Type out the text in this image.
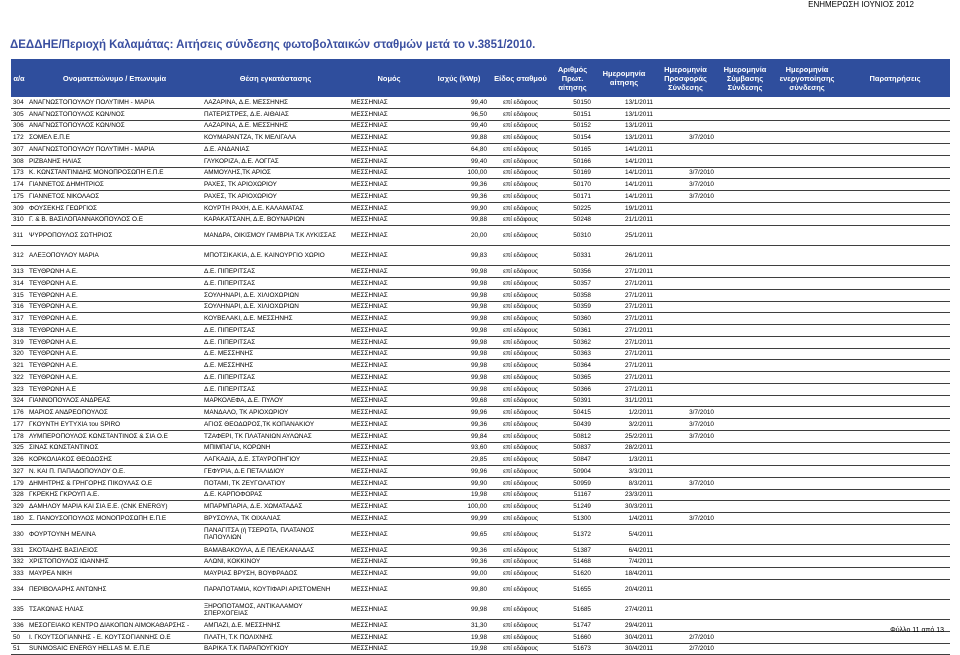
ΕΝΗΜΕΡΩΣΗ ΙΟΥΝΙΟΣ 2012
ΔΕΔΔΗΕ/Περιοχή Καλαμάτας: Αιτήσεις σύνδεσης φωτοβολταικών σταθμών μετά το ν.3851/2010.
α/α	Ονοματεπώνυμο / Επωνυμία	Θέση εγκατάστασης	Νομός	Ισχύς (kWp)	Είδος σταθμού	Αριθμός Πρωτ. αίτησης	Ημερομηνία αίτησης	Ημερομηνία Προσφοράς Σύνδεσης	Ημερομηνία Σύμβασης Σύνδεσης	Ημερομηνία ενεργοποίησης σύνδεσης	Παρατηρήσεις
304	ΑΝΑΓΝΩΣΤΟΠΟΥΛΟΥ ΠΟΛΥΤΙΜΗ - ΜΑΡΙΑ	ΛΑΖΑΡΙΝΑ, Δ.Ε. ΜΕΣΣΗΝΗΣ	ΜΕΣΣΗΝΙΑΣ	99,40	επί εδάφους	50150	13/1/2011				
305	ΑΝΑΓΝΩΣΤΟΠΟΥΛΟΣ ΚΩΝ/ΝΟΣ	ΠΑΤΕΡΙΣΤΡΕΣ, Δ.Ε. ΑΙΘΑΙΑΣ	ΜΕΣΣΗΝΙΑΣ	96,50	επί εδάφους	50151	13/1/2011				
306	ΑΝΑΓΝΩΣΤΟΠΟΥΛΟΣ ΚΩΝ/ΝΟΣ	ΛΑΖΑΡΙΝΑ, Δ.Ε. ΜΕΣΣΗΝΗΣ	ΜΕΣΣΗΝΙΑΣ	99,40	επί εδάφους	50152	13/1/2011				
172	ΣΟΜΕΛ Ε.Π.Ε	ΚΟΥΜΑΡΑΝΤΖΑ, ΤΚ ΜΕΛΙΓΑΛΑ	ΜΕΣΣΗΝΙΑΣ	99,88	επί εδάφους	50154	13/1/2011	3/7/2010			
307	ΑΝΑΓΝΩΣΤΟΠΟΥΛΟΥ ΠΟΛΥΤΙΜΗ - ΜΑΡΙΑ	Δ.Ε. ΑΝΔΑΝΙΑΣ	ΜΕΣΣΗΝΙΑΣ	64,80	επί εδάφους	50165	14/1/2011				
308	ΡΙΖΒΑΝΗΣ ΗΛΙΑΣ	ΓΛΥΚΟΡΙΖΑ, Δ.Ε. ΛΟΓΓΑΣ	ΜΕΣΣΗΝΙΑΣ	99,40	επί εδάφους	50166	14/1/2011				
173	Κ. ΚΩΝΣΤΑΝΤΙΝΙΔΗΣ ΜΟΝΟΠΡΟΣΩΠΗ Ε.Π.Ε	ΑΜΜΟΥΛΗΣ,ΤΚ ΑΡΙΟΣ	ΜΕΣΣΗΝΙΑΣ	100,00	επί εδάφους	50169	14/1/2011	3/7/2010			
174	ΓΙΑΝΝΕΤΟΣ ΔΗΜΗΤΡΙΟΣ	ΡΑΧΕΣ, ΤΚ ΑΡΙΟΧΩΡΙΟΥ	ΜΕΣΣΗΝΙΑΣ	99,36	επί εδάφους	50170	14/1/2011	3/7/2010			
175	ΓΙΑΝΝΕΤΟΣ ΝΙΚΟΛΑΟΣ	ΡΑΧΕΣ, ΤΚ ΑΡΙΟΧΩΡΙΟΥ	ΜΕΣΣΗΝΙΑΣ	99,36	επί εδάφους	50171	14/1/2011	3/7/2010			
309	ΦΟΥΣΕΚΗΣ ΓΕΩΡΓΙΟΣ	ΚΟΥΡΤΗ ΡΑΧΗ, Δ.Ε. ΚΑΛΑΜΑΤΑΣ	ΜΕΣΣΗΝΙΑΣ	99,90	επί εδάφους	50225	19/1/2011				
310	Γ. & Β. ΒΑΣΙΛΟΠΑΝΝΑΚΟΠΟΥΛΟΣ Ο.Ε	ΚΑΡΑΚΑΤΣΑΝΗ, Δ.Ε. ΒΟΥΝΑΡΙΩΝ	ΜΕΣΣΗΝΙΑΣ	99,88	επί εδάφους	50248	21/1/2011				
311	ΨΥΡΡΟΠΟΥΛΟΣ ΣΩΤΗΡΙΟΣ	ΜΑΝΔΡΑ, ΟΙΚΙΣΜΟΥ ΓΑΜΒΡΙΑ Τ.Κ ΛΥΚΙΣΣΑΣ	ΜΕΣΣΗΝΙΑΣ	20,00	επί εδάφους	50310	25/1/2011				
312	ΑΛΕΞΟΠΟΥΛΟΥ ΜΑΡΙΑ	ΜΠΟΤΣΙΚΑΚΙΑ, Δ.Ε. ΚΑΙΝΟΥΡΓΙΟ ΧΩΡΙΟ	ΜΕΣΣΗΝΙΑΣ	99,83	επί εδάφους	50331	26/1/2011				
313	ΤΕΥΘΡΩΝΗ Α.Ε.	Δ.Ε. ΠΙΠΕΡΙΤΣΑΣ	ΜΕΣΣΗΝΙΑΣ	99,98	επί εδάφους	50356	27/1/2011				
314	ΤΕΥΘΡΩΝΗ Α.Ε.	Δ.Ε. ΠΙΠΕΡΙΤΣΑΣ	ΜΕΣΣΗΝΙΑΣ	99,98	επί εδάφους	50357	27/1/2011				
315	ΤΕΥΘΡΩΝΗ Α.Ε.	ΣΟΥΛΗΝΑΡΙ, Δ.Ε. ΧΙΛΙΟΧΩΡΙΩΝ	ΜΕΣΣΗΝΙΑΣ	99,98	επί εδάφους	50358	27/1/2011				
316	ΤΕΥΘΡΩΝΗ Α.Ε.	ΣΟΥΛΗΝΑΡΙ, Δ.Ε. ΧΙΛΙΟΧΩΡΙΩΝ	ΜΕΣΣΗΝΙΑΣ	99,98	επί εδάφους	50359	27/1/2011				
317	ΤΕΥΘΡΩΝΗ Α.Ε.	ΚΟΥΒΕΛΑΚΙ, Δ.Ε. ΜΕΣΣΗΝΗΣ	ΜΕΣΣΗΝΙΑΣ	99,98	επί εδάφους	50360	27/1/2011				
318	ΤΕΥΘΡΩΝΗ Α.Ε.	Δ.Ε. ΠΙΠΕΡΙΤΣΑΣ	ΜΕΣΣΗΝΙΑΣ	99,98	επί εδάφους	50361	27/1/2011				
319	ΤΕΥΘΡΩΝΗ Α.Ε.	Δ.Ε. ΠΙΠΕΡΙΤΣΑΣ	ΜΕΣΣΗΝΙΑΣ	99,98	επί εδάφους	50362	27/1/2011				
320	ΤΕΥΘΡΩΝΗ Α.Ε.	Δ.Ε. ΜΕΣΣΗΝΗΣ	ΜΕΣΣΗΝΙΑΣ	99,98	επί εδάφους	50363	27/1/2011				
321	ΤΕΥΘΡΩΝΗ Α.Ε.	Δ.Ε. ΜΕΣΣΗΝΗΣ	ΜΕΣΣΗΝΙΑΣ	99,98	επί εδάφους	50364	27/1/2011				
322	ΤΕΥΘΡΩΝΗ Α.Ε.	Δ.Ε. ΠΙΠΕΡΙΤΣΑΣ	ΜΕΣΣΗΝΙΑΣ	99,98	επί εδάφους	50365	27/1/2011				
323	ΤΕΥΘΡΩΝΗ Α.Ε	Δ.Ε. ΠΙΠΕΡΙΤΣΑΣ	ΜΕΣΣΗΝΙΑΣ	99,98	επί εδάφους	50366	27/1/2011				
324	ΓΙΑΝΝΟΠΟΥΛΟΣ ΑΝΔΡΕΑΣ	ΜΑΡΚΟΛΕΦΑ, Δ.Ε. ΠΥΛΟΥ	ΜΕΣΣΗΝΙΑΣ	99,68	επί εδάφους	50391	31/1/2011				
176	ΜΑΡΙΟΣ ΑΝΔΡΕΟΠΟΥΛΟΣ	ΜΑΝΔΑΛΟ, ΤΚ ΑΡΙΟΧΩΡΙΟΥ	ΜΕΣΣΗΝΙΑΣ	99,96	επί εδάφους	50415	1/2/2011	3/7/2010			
177	ΓΚΟΥΝΤΗ ΕΥΤΥΧΙΑ του SPIRO	ΑΓΙΟΣ ΘΕΟΔΩΡΟΣ,ΤΚ ΚΟΠΑΝΑΚΙΟΥ	ΜΕΣΣΗΝΙΑΣ	99,36	επί εδάφους	50439	3/2/2011	3/7/2010			
178	ΛΥΜΠΕΡΟΠΟΥΛΟΣ ΚΩΝΣΤΑΝΤΙΝΟΣ & ΣΙΑ Ο.Ε	ΤΖΑΦΕΡΙ, ΤΚ ΠΛΑΤΑΝΙΩΝ ΑΥΛΩΝΑΣ	ΜΕΣΣΗΝΙΑΣ	99,84	επί εδάφους	50812	25/2/2011	3/7/2010			
325	ΣΙΝΑΣ ΚΩΝΣΤΑΝΤΙΝΟΣ	ΜΠΙΜΠΑΓΙΑ, ΚΟΡΩΝΗ	ΜΕΣΣΗΝΙΑΣ	93,60	επί εδάφους	50837	28/2/2011				
326	ΚΟΡΚΟΛΙΑΚΟΣ ΘΕΟΔΟΣΗΣ	ΛΑΓΚΑΔΙΑ, Δ.Ε. ΣΤΑΥΡΟΠΗΓΙΟΥ	ΜΕΣΣΗΝΙΑΣ	29,85	επί εδάφους	50847	1/3/2011				
327	Ν. ΚΑΙ Π. ΠΑΠΑΔΟΠΟΥΛΟΥ Ο.Ε.	ΓΕΦΥΡΙΑ, Δ.Ε ΠΕΤΑΛΙΔΙΟΥ	ΜΕΣΣΗΝΙΑΣ	99,96	επί εδάφους	50904	3/3/2011				
179	ΔΗΜΗΤΡΗΣ & ΓΡΗΓΟΡΗΣ ΠΙΚΟΥΛΑΣ Ο.Ε	ΠΟΤΑΜΙ, ΤΚ ΖΕΥΓΟΛΑΤΙΟΥ	ΜΕΣΣΗΝΙΑΣ	99,90	επί εδάφους	50959	8/3/2011	3/7/2010			
328	ΓΚΡΕΚΗΣ ΓΚΡΟΥΠ Α.Ε.	Δ.Ε. ΚΑΡΠΟΦΟΡΑΣ	ΜΕΣΣΗΝΙΑΣ	19,98	επί εδάφους	51167	23/3/2011				
329	ΔΑΜΗΛΟΥ ΜΑΡΙΑ ΚΑΙ ΣΙΑ Ε.Ε. (CNK ENERGY)	ΜΠΑΡΜΠΑΡΙΑ, Δ.Ε. ΧΩΜΑΤΑΔΑΣ	ΜΕΣΣΗΝΙΑΣ	100,00	επί εδάφους	51249	30/3/2011				
180	Σ. ΠΑΝΟΥΣΟΠΟΥΛΟΣ ΜΟΝΟΠΡΟΣΩΠΗ Ε.Π.Ε	ΒΡΥΣΟΥΛΑ, ΤΚ ΟΙΧΑΛΙΑΣ	ΜΕΣΣΗΝΙΑΣ	99,99	επί εδάφους	51300	1/4/2011	3/7/2010			
330	ΦΟΥΡΤΟΥΝΗ ΜΕΛΙΝΑ	ΠΑΝΑΓΙΤΣΑ (ή ΤΣΕΡΩΤΑ, ΠΛΑΤΑΝΟΣ ΠΑΠΟΥΛΙΩΝ	ΜΕΣΣΗΝΙΑΣ	99,65	επί εδάφους	51372	5/4/2011				
331	ΣΚΟΤΑΔΗΣ ΒΑΣΙΛΕΙΟΣ	ΒΑΜΑΒΑΚΟΥΛΑ, Δ.Ε ΠΕΛΕΚΑΝΑΔΑΣ	ΜΕΣΣΗΝΙΑΣ	99,36	επί εδάφους	51387	6/4/2011				
332	ΧΡΙΣΤΟΠΟΥΛΟΣ ΙΩΑΝΝΗΣ	ΑΛΩΝΙ, ΚΟΚΚΙΝΟΥ	ΜΕΣΣΗΝΙΑΣ	99,36	επί εδάφους	51468	7/4/2011				
333	ΜΑΥΡΕΑ ΝΙΚΗ	ΜΑΥΡΙΑΣ ΒΡΥΣΗ, ΒΟΥΦΡΑΔΟΣ	ΜΕΣΣΗΝΙΑΣ	99,00	επί εδάφους	51620	18/4/2011				
334	ΠΕΡΙΒΟΛΑΡΗΣ ΑΝΤΩΝΗΣ	ΠΑΡΑΠΟΤΑΜΙΑ, ΚΟΥΤΙΦΑΡΙ ΑΡΙΣΤΟΜΕΝΗ	ΜΕΣΣΗΝΙΑΣ	99,80	επί εδάφους	51655	20/4/2011				
335	ΤΣΑΚΩΝΑΣ ΗΛΙΑΣ	ΞΗΡΟΠΟΤΑΜΟΣ, ΑΝΤΙΚΑΛΑΜΟΥ ΣΠΕΡΧΟΓΕΙΑΣ	ΜΕΣΣΗΝΙΑΣ	99,98	επί εδάφους	51685	27/4/2011				
336	ΜΕΣΟΓΕΙΑΚΟ ΚΕΝΤΡΟ ΔΙΑΚΟΠΩΝ ΑΙΜΟΚΑΘΑΡΣΗΣ -	ΑΜΠΑΖΙ, Δ.Ε. ΜΕΣΣΗΝΗΣ	ΜΕΣΣΗΝΙΑΣ	31,30	επί εδάφους	51747	29/4/2011				
50	Ι. ΓΚΟΥΤΣΟΓΙΑΝΝΗΣ - Ε. ΚΟΥΤΣΟΓΙΑΝΝΗΣ Ο.Ε	ΠΛΑΤΗ, Τ.Κ ΠΟΛΙΧΝΗΣ	ΜΕΣΣΗΝΙΑΣ	19,98	επί εδάφους	51660	30/4/2011	2/7/2010			
51	SUNMOSAIC ENERGY HELLAS M. Ε.Π.Ε	ΒΑΡΙΚΑ Τ.Κ ΠΑΡΑΠΟΥΓΚΙΟΥ	ΜΕΣΣΗΝΙΑΣ	19,98	επί εδάφους	51673	30/4/2011	2/7/2010			
Φύλλο 11 από 13
